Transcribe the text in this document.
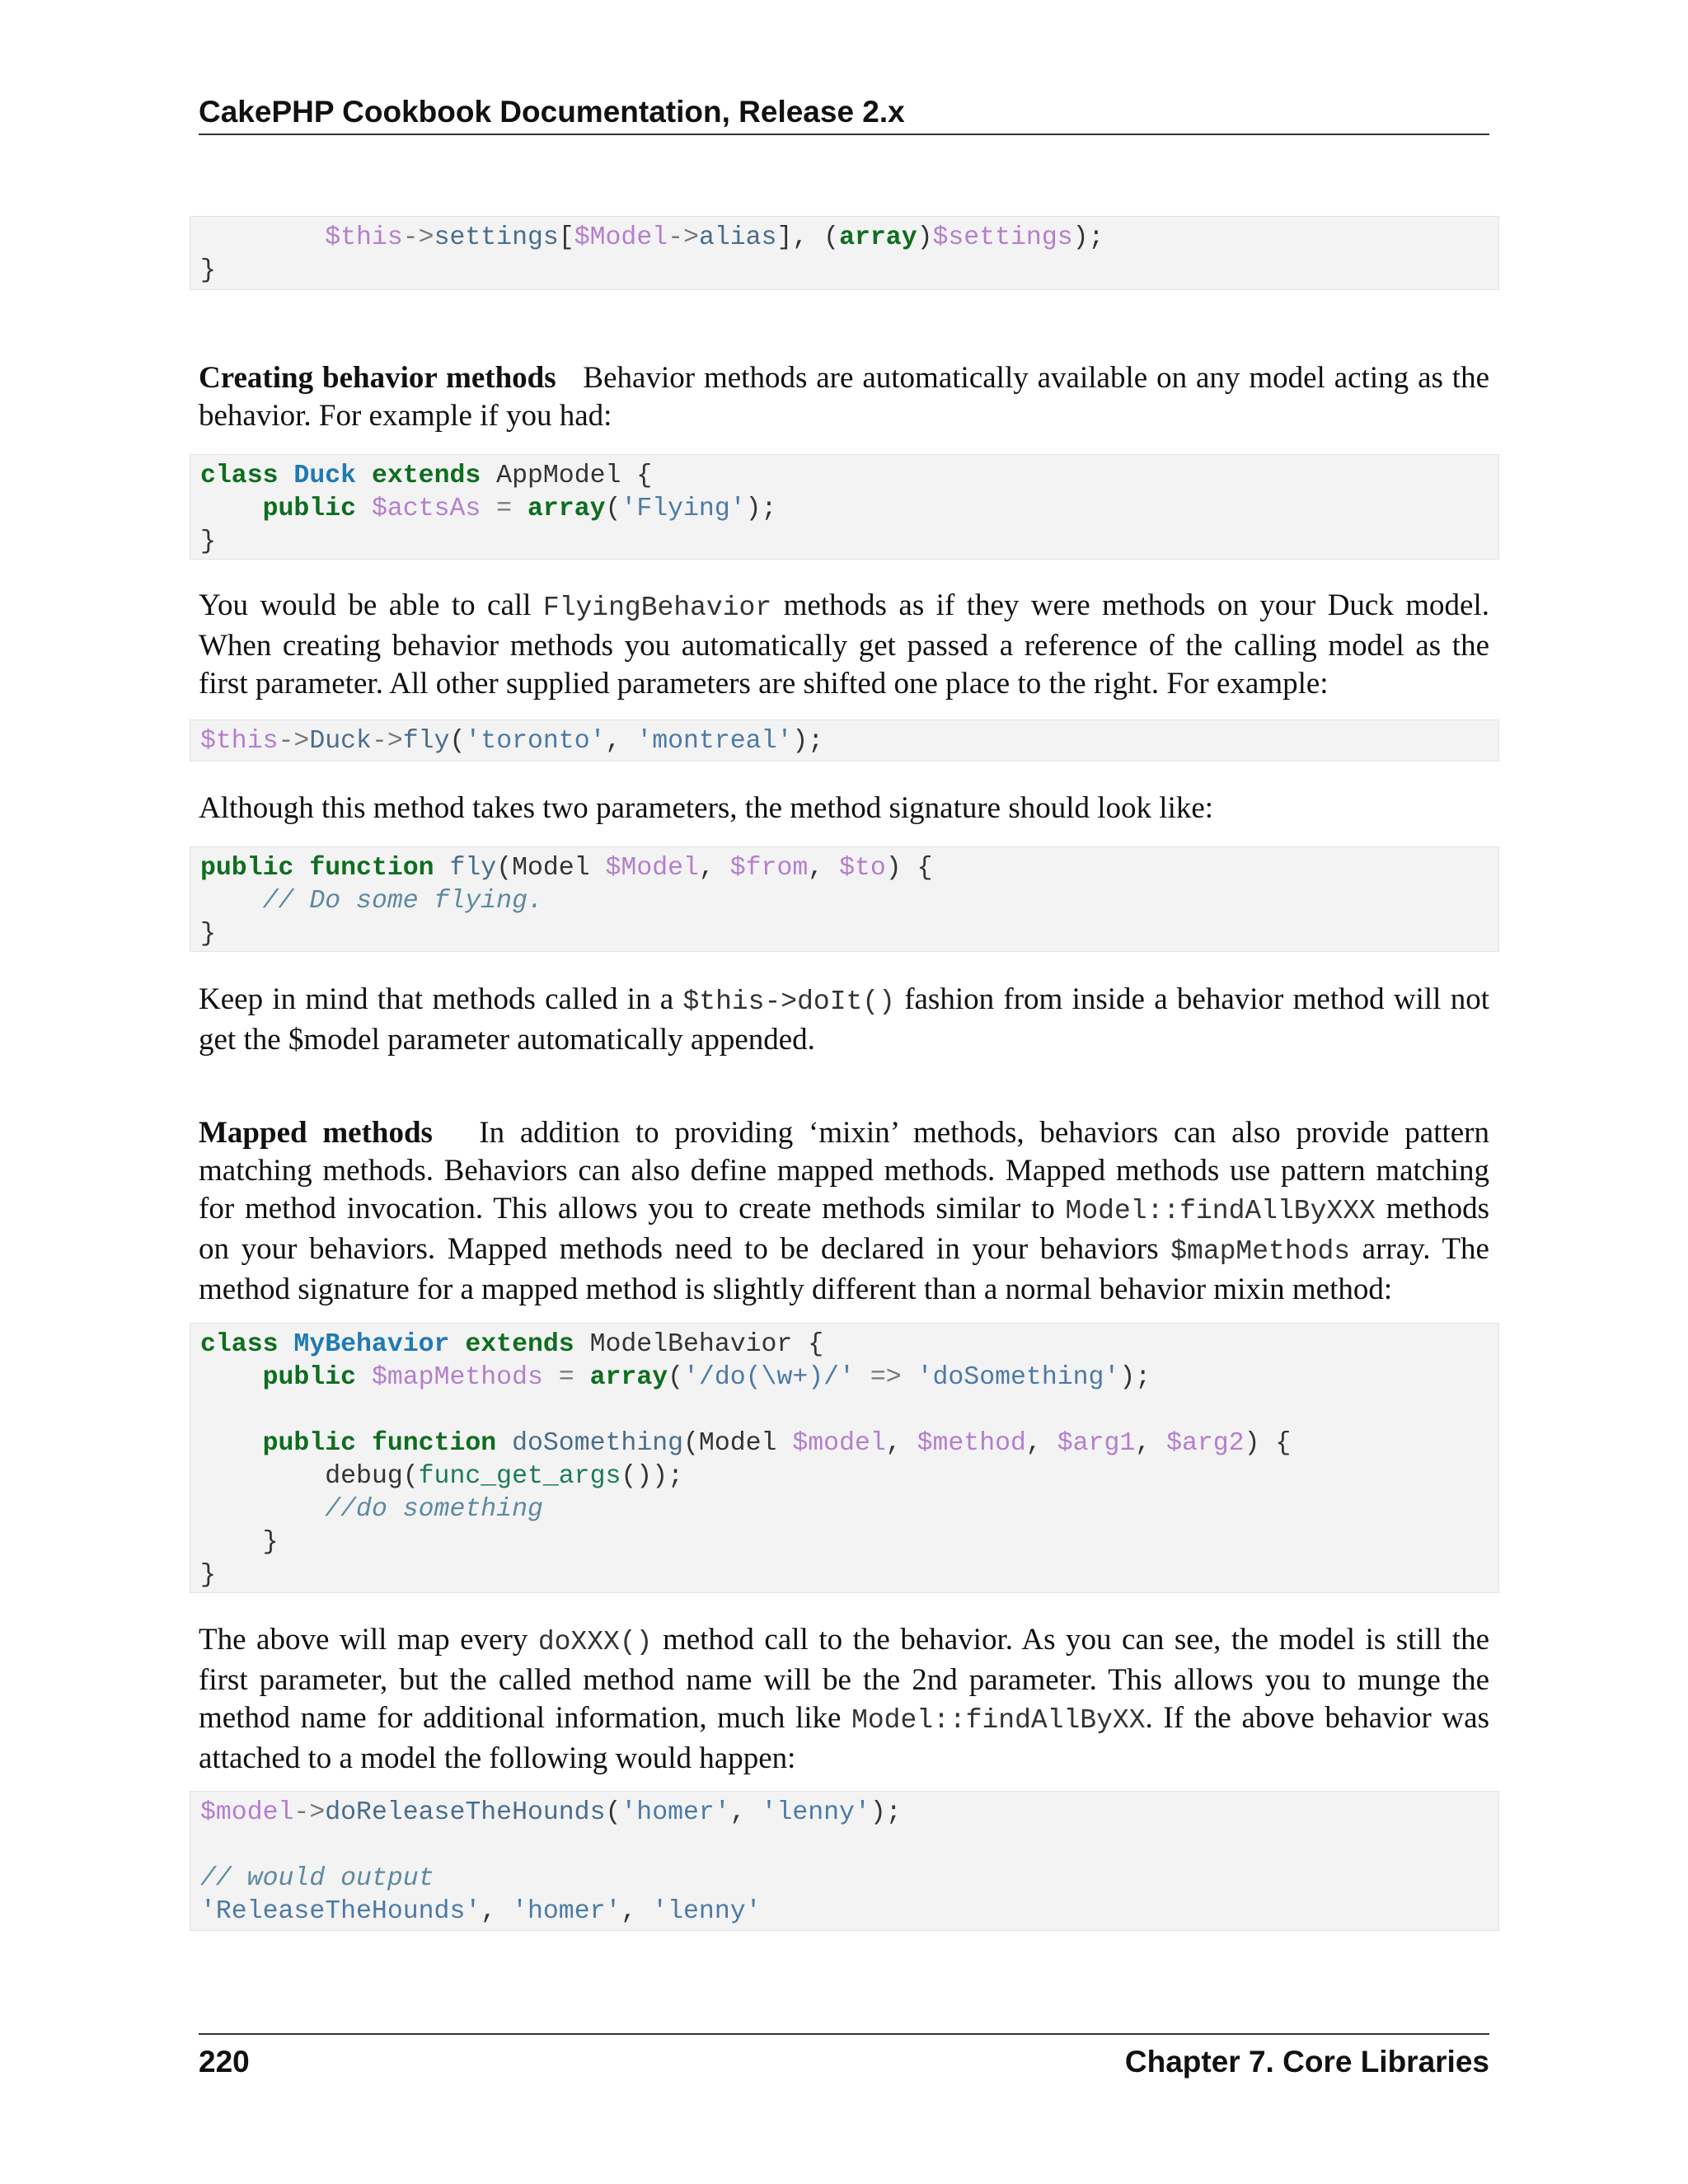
CakePHP Cookbook Documentation, Release 2.x
$this->settings[$Model->alias], (array)$settings);
}

Creating behavior methods Behavior methods are automatically available on any model acting as the behavior. For example if you had:

class Duck extends AppModel {
public $actsAs = array('Flying');
}

You would be able to call FlyingBehavior methods as if they were methods on your Duck model. When creating behavior methods you automatically get passed a reference of the calling model as the first parameter. All other supplied parameters are shifted one place to the right. For example:

$this->Duck->fly('toronto', 'montreal');

Although this method takes two parameters, the method signature should look like:

public function fly(Model $Model, $from, $to) {
// Do some flying.
}

Keep in mind that methods called in a $this->doIt() fashion from inside a behavior method will not get the $model parameter automatically appended.

Mapped methods In addition to providing ‘mixin’ methods, behaviors can also provide pattern matching methods. Behaviors can also define mapped methods. Mapped methods use pattern matching for method invocation. This allows you to create methods similar to Model::findAllByXXX methods on your behaviors. Mapped methods need to be declared in your behaviors $mapMethods array. The method signature for a mapped method is slightly different than a normal behavior mixin method:

class MyBehavior extends ModelBehavior {
public $mapMethods = array('/do(\w+)/' => 'doSomething');

public function doSomething(Model $model, $method, $arg1, $arg2) {
debug(func_get_args());
//do something
}
}

The above will map every doXXX() method call to the behavior. As you can see, the model is still the first parameter, but the called method name will be the 2nd parameter. This allows you to munge the method name for additional information, much like Model::findAllByXX. If the above behavior was attached to a model the following would happen:

$model->doReleaseTheHounds('homer', 'lenny');

// would output
'ReleaseTheHounds', 'homer', 'lenny'
220	Chapter 7. Core Libraries
